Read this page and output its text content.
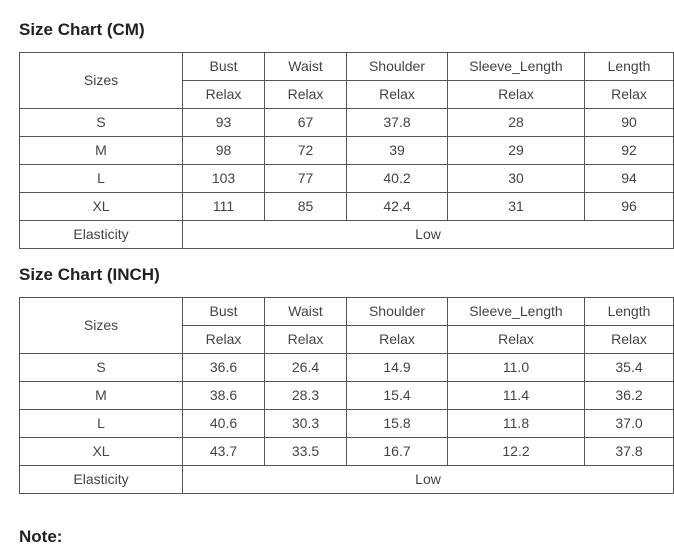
Size Chart (CM)
Sizes	Bust	Waist	Shoulder	Sleeve_Length	Length
	Relax	Relax	Relax	Relax	Relax
S	93	67	37.8	28	90
M	98	72	39	29	92
L	103	77	40.2	30	94
XL	111	85	42.4	31	96
Elasticity	Low				
Size Chart (INCH)
Sizes	Bust	Waist	Shoulder	Sleeve_Length	Length
	Relax	Relax	Relax	Relax	Relax
S	36.6	26.4	14.9	11.0	35.4
M	38.6	28.3	15.4	11.4	36.2
L	40.6	30.3	15.8	11.8	37.0
XL	43.7	33.5	16.7	12.2	37.8
Elasticity	Low				
Note:
